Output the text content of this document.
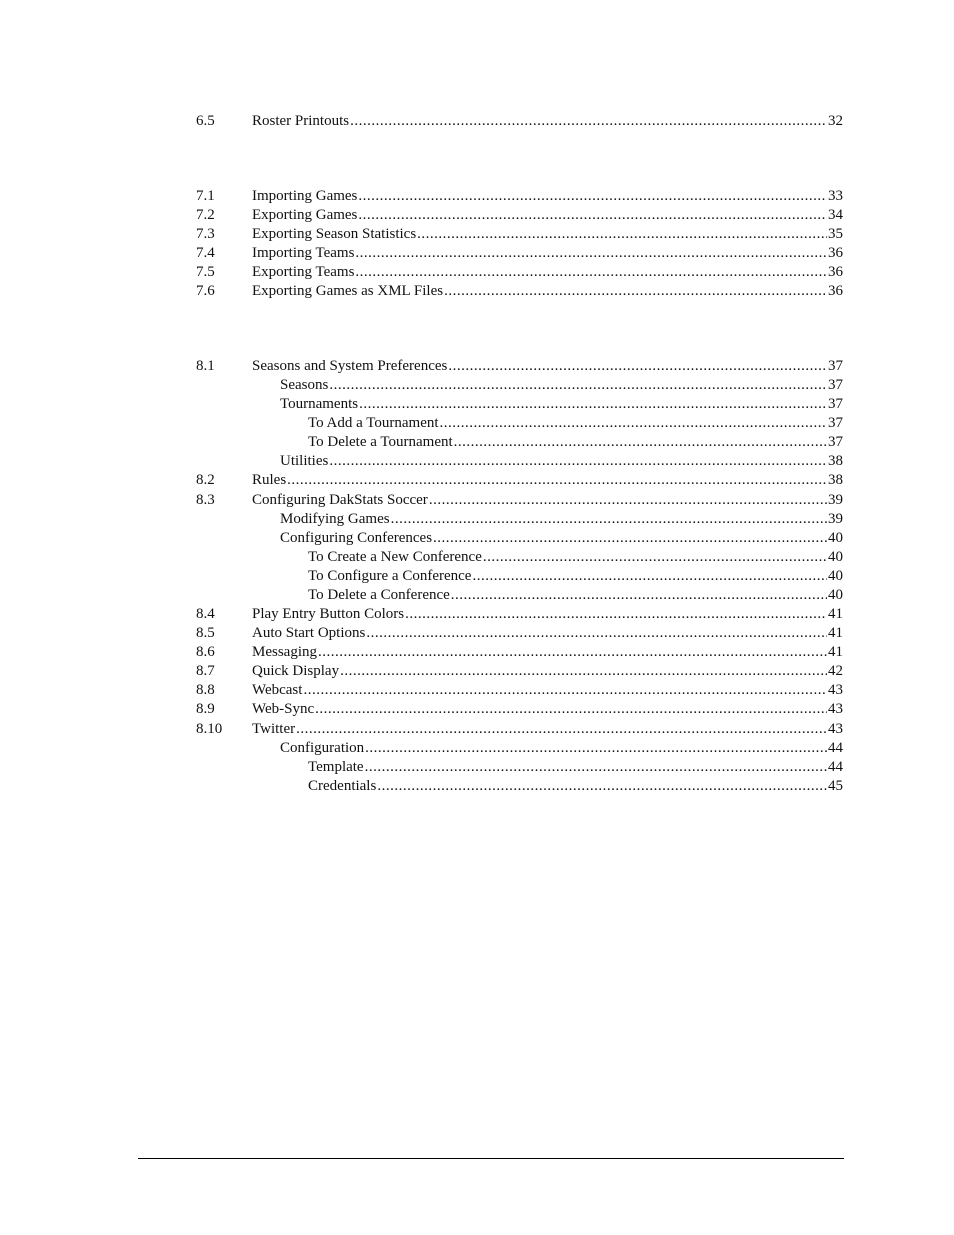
6.5 Roster Printouts .....	32
7.1 Importing Games .....	33
7.2 Exporting Games .....	34
7.3 Exporting Season Statistics .....	35
7.4 Importing Teams .....	36
7.5 Exporting Teams .....	36
7.6 Exporting Games as XML Files .....	36
8.1 Seasons and System Preferences .....	37
Seasons .....	37
Tournaments .....	37
To Add a Tournament .....	37
To Delete a Tournament .....	37
Utilities .....	38
8.2 Rules .....	38
8.3 Configuring DakStats Soccer .....	39
Modifying Games .....	39
Configuring Conferences .....	40
To Create a New Conference .....	40
To Configure a Conference .....	40
To Delete a Conference .....	40
8.4 Play Entry Button Colors .....	41
8.5 Auto Start Options .....	41
8.6 Messaging .....	41
8.7 Quick Display .....	42
8.8 Webcast .....	43
8.9 Web-Sync .....	43
8.10 Twitter .....	43
Configuration .....	44
Template .....	44
Credentials .....	45
